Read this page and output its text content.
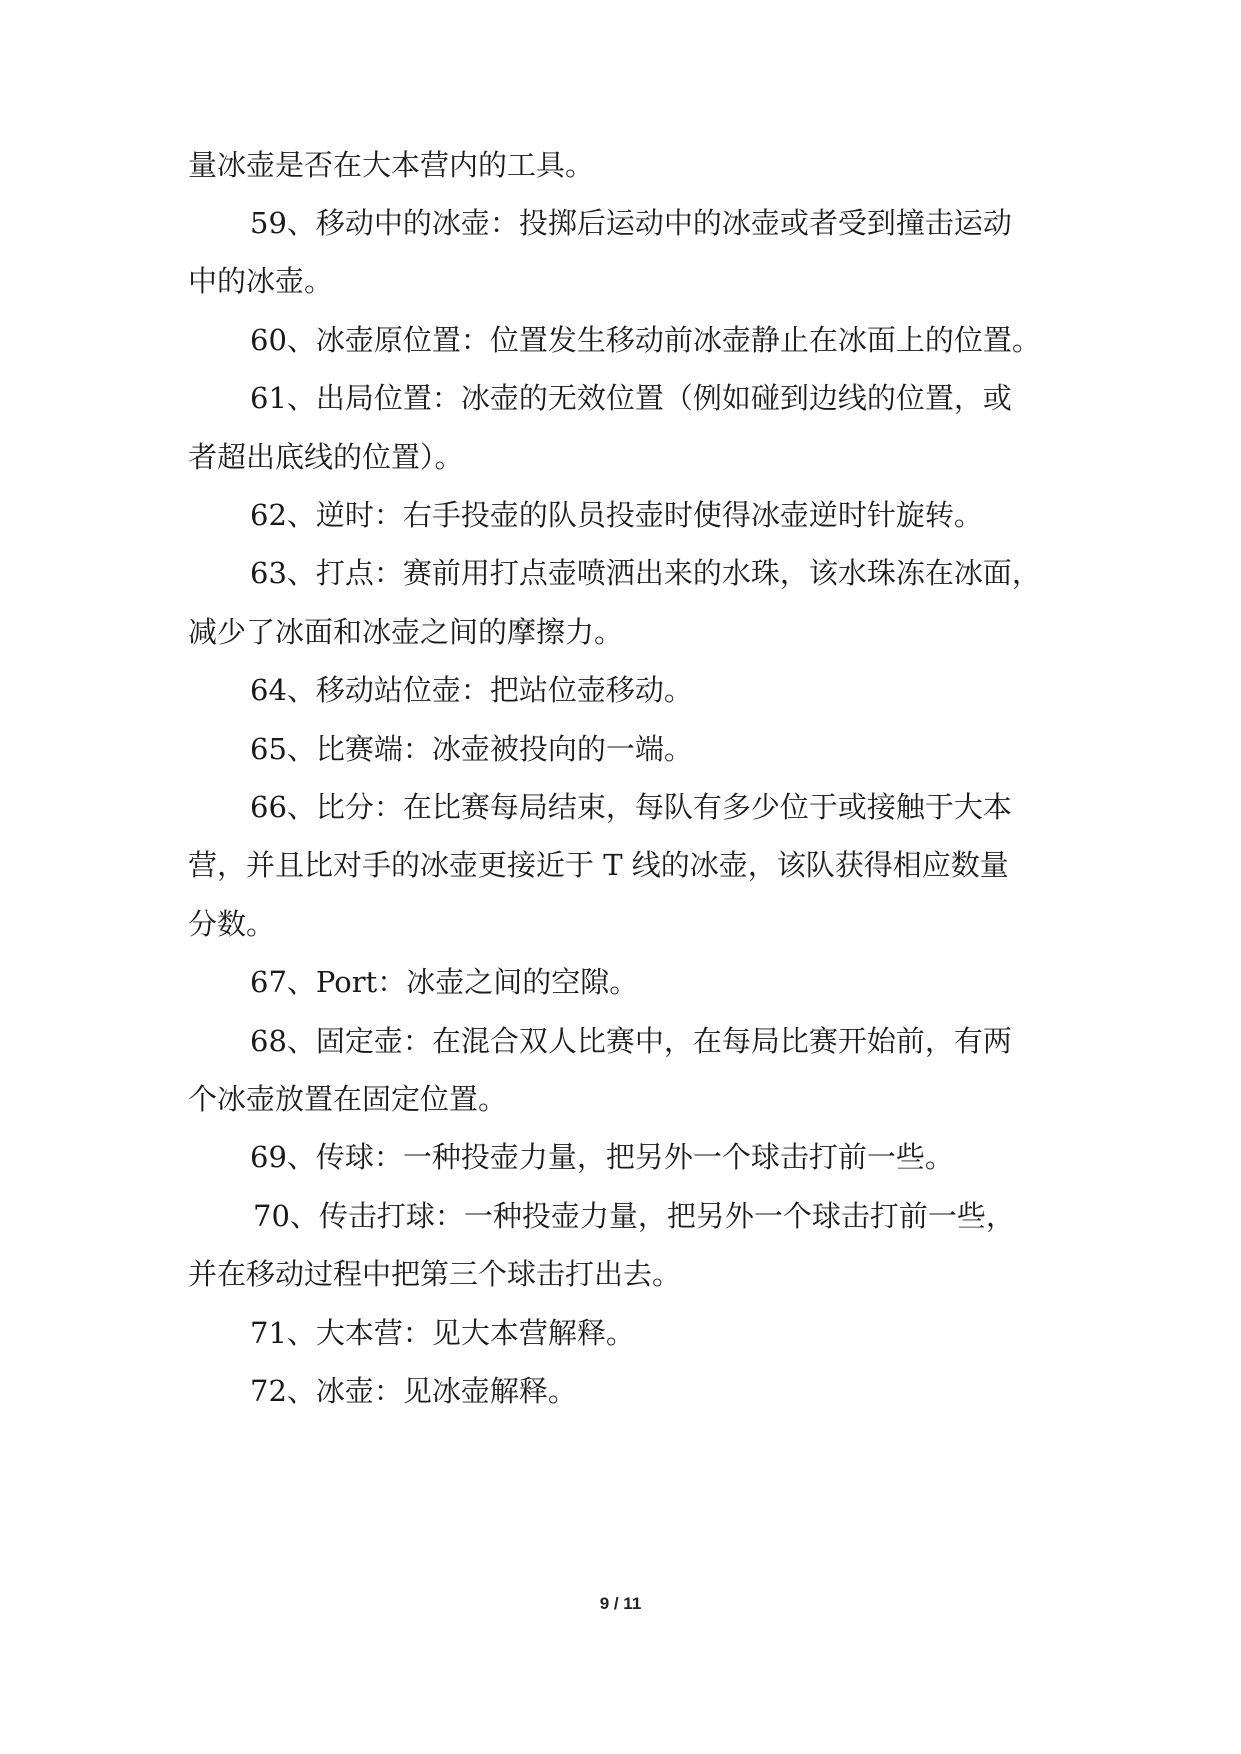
量冰壶是否在大本营内的工具。
59、移动中的冰壶：投掷后运动中的冰壶或者受到撞击运动
中的冰壶。
60、冰壶原位置：位置发生移动前冰壶静止在冰面上的位置。
61、出局位置：冰壶的无效位置（例如碰到边线的位置，或
者超出底线的位置）。
62、逆时：右手投壶的队员投壶时使得冰壶逆时针旋转。
63、打点：赛前用打点壶喷洒出来的水珠，该水珠冻在冰面，
减少了冰面和冰壶之间的摩擦力。
64、移动站位壶：把站位壶移动。
65、比赛端：冰壶被投向的一端。
66、比分：在比赛每局结束，每队有多少位于或接触于大本
营，并且比对手的冰壶更接近于 T 线的冰壶，该队获得相应数量
分数。
67、Port：冰壶之间的空隙。
68、固定壶：在混合双人比赛中，在每局比赛开始前，有两
个冰壶放置在固定位置。
69、传球：一种投壶力量，把另外一个球击打前一些。
70、传击打球：一种投壶力量，把另外一个球击打前一些，
并在移动过程中把第三个球击打出去。
71、大本营：见大本营解释。
72、冰壶：见冰壶解释。
9 / 11
